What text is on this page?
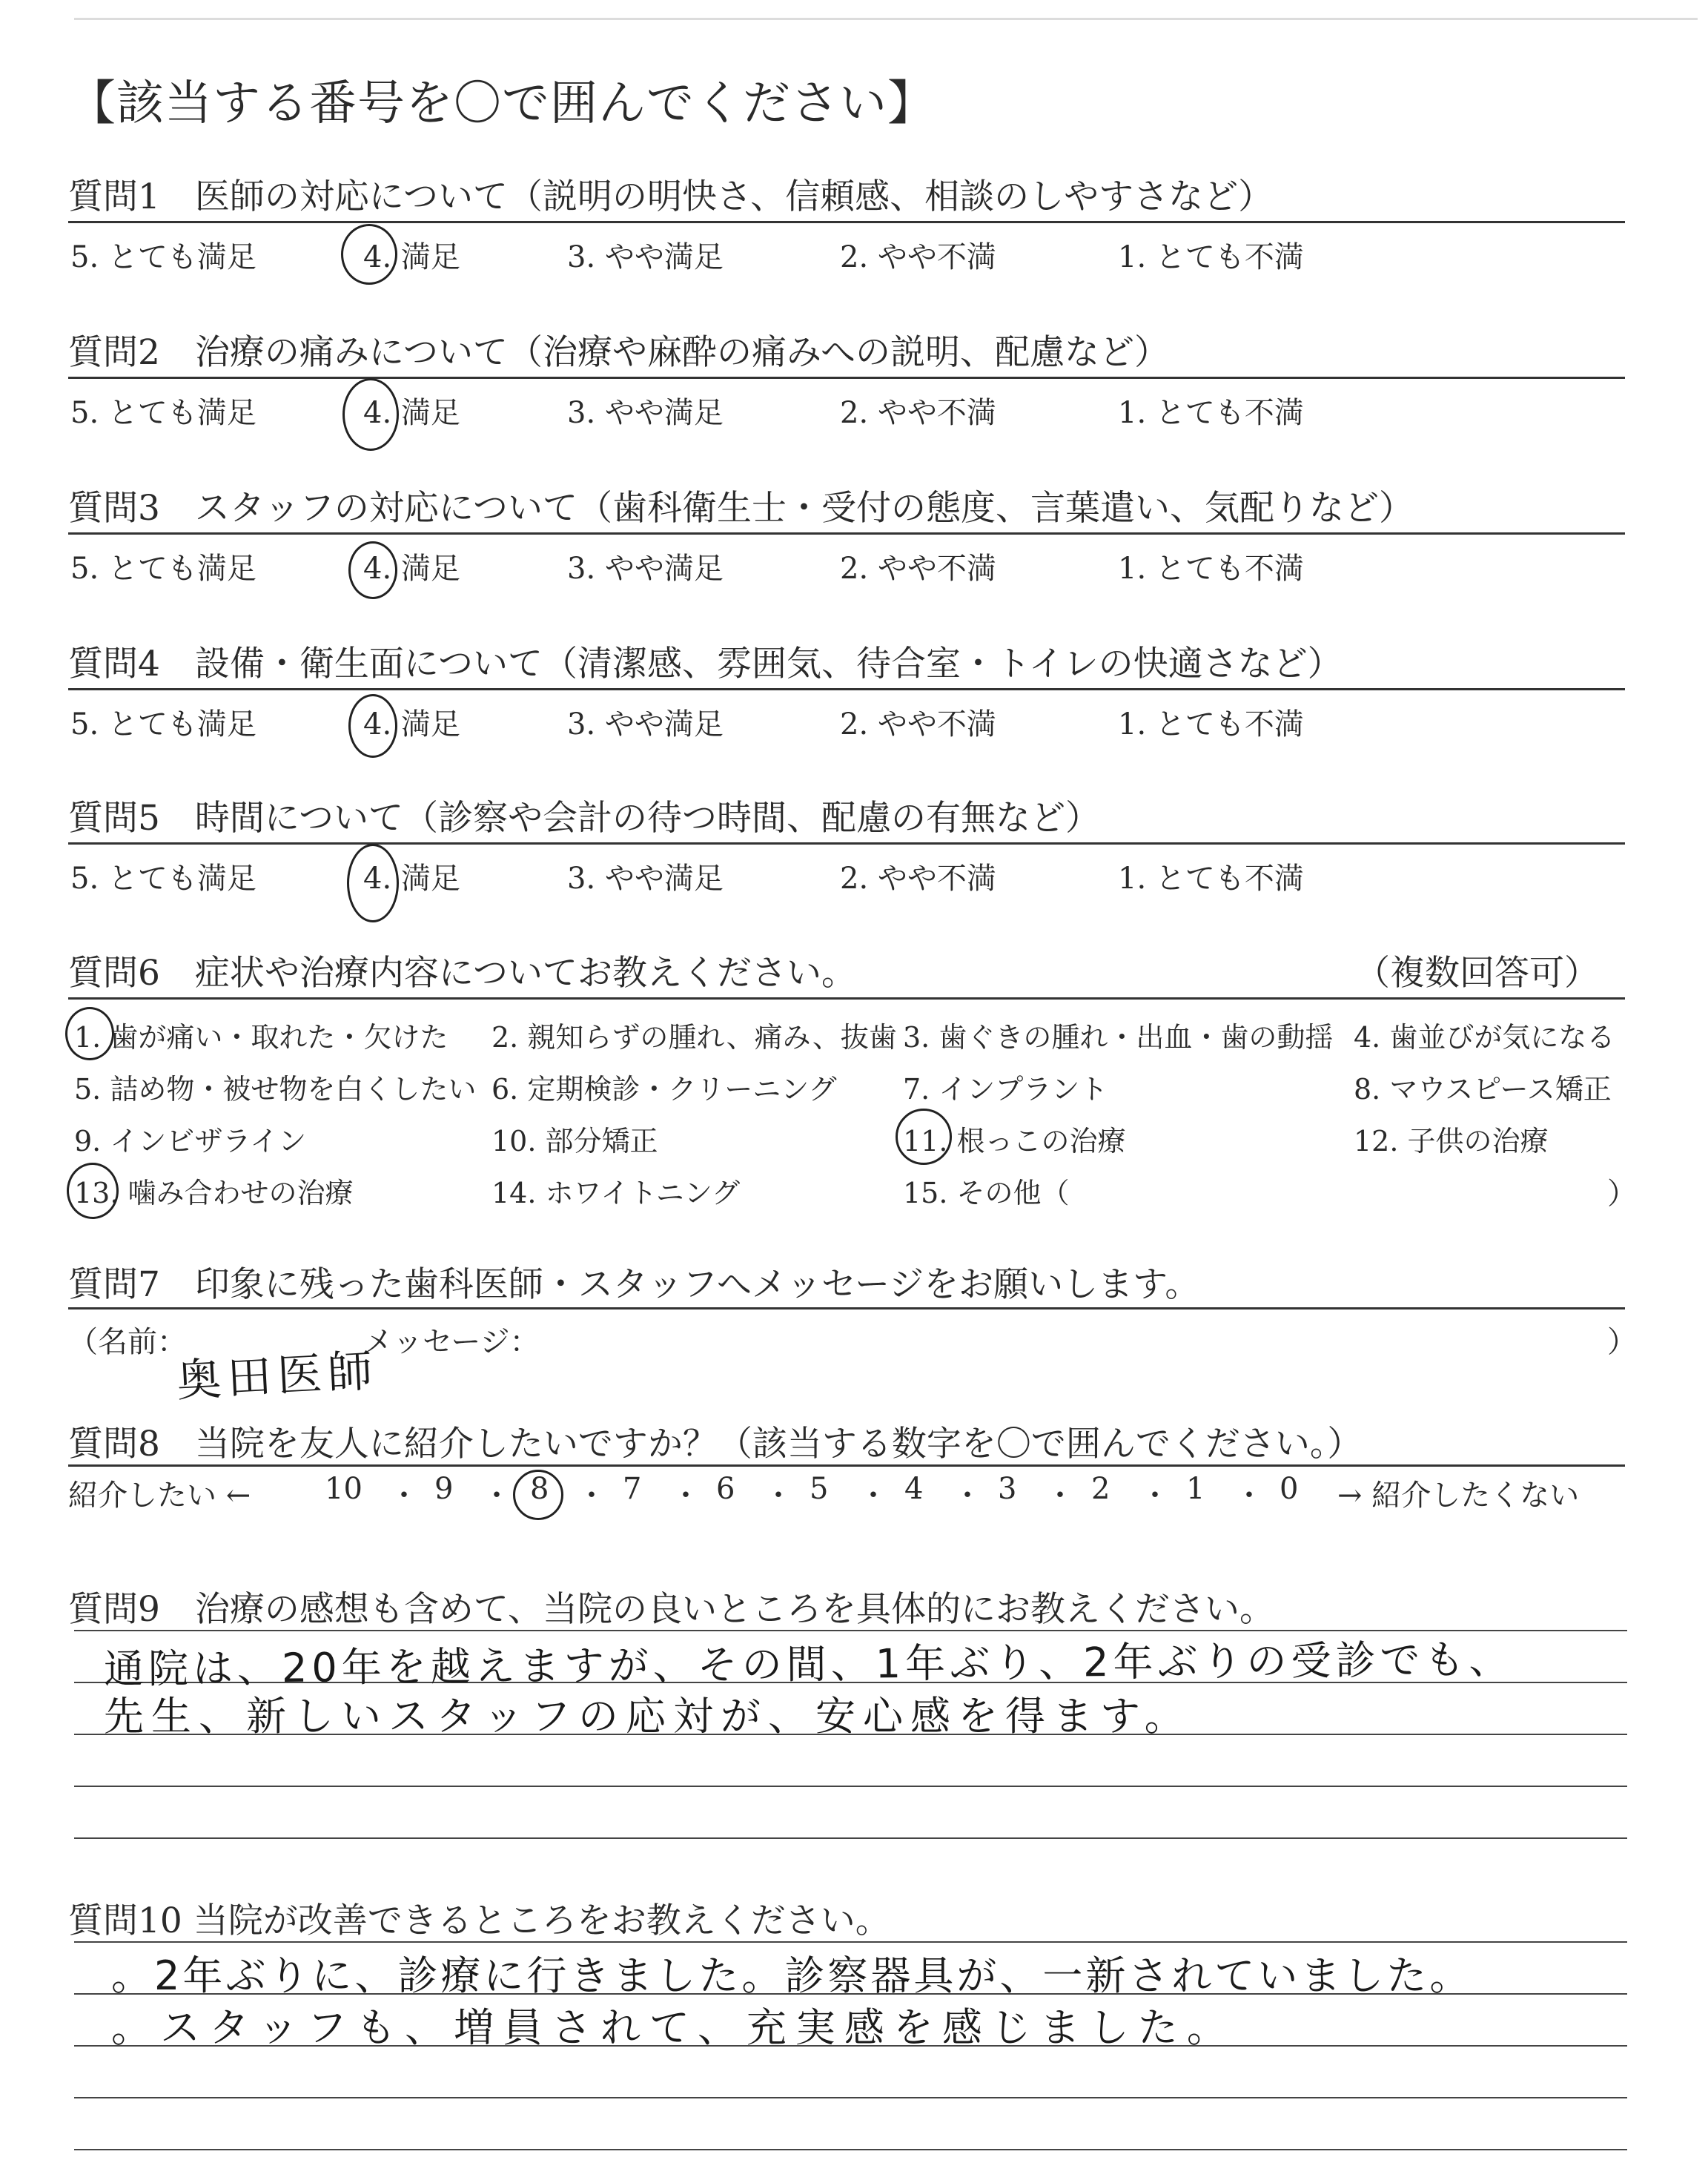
【該当する番号を〇で囲んでください】
質問1　医師の対応について（説明の明快さ、信頼感、相談のしやすさなど）
質問2　治療の痛みについて（治療や麻酔の痛みへの説明、配慮など）
質問3　スタッフの対応について（歯科衛生士・受付の態度、言葉遣い、気配りなど）
質問4　設備・衛生面について（清潔感、雰囲気、待合室・トイレの快適さなど）
質問5　時間について（診察や会計の待つ時間、配慮の有無など）
5. とても満足	4. 満足	3. やや満足	2. やや不満	1. とても不満
5. とても満足	4. 満足	3. やや満足	2. やや不満	1. とても不満
5. とても満足	4. 満足	3. やや満足	2. やや不満	1. とても不満
5. とても満足	4. 満足	3. やや満足	2. やや不満	1. とても不満
5. とても満足	4. 満足	3. やや満足	2. やや不満	1. とても不満
質問6　症状や治療内容についてお教えください。	（複数回答可）
1. 歯が痛い・取れた・欠けた 2. 親知らずの腫れ、痛み、抜歯 3. 歯ぐきの腫れ・出血・歯の動揺 4. 歯並びが気になる
5. 詰め物・被せ物を白くしたい 6. 定期検診・クリーニング 7. インプラント	8. マウスピース矯正
9. インビザライン	10. 部分矯正	11. 根っこの治療	12. 子供の治療
13. 噛み合わせの治療	14. ホワイトニング	15. その他（	）
質問7　印象に残った歯科医師・スタッフへメッセージをお願いします。
（名前：	メッセージ：	）
奥田医師
質問8　当院を友人に紹介したいですか？（該当する数字を〇で囲んでください。）
紹介したい ← 10 ・ 9 ・ 8 ・ 7 ・ 6 ・ 5 ・ 4 ・ 3 ・ 2 ・ 1 ・ 0 → 紹介したくない
質問9　治療の感想も含めて、当院の良いところを具体的にお教えください。
通院は、20年を越えますが、その間、1年ぶり、2年ぶりの受診でも、
先生、新しいスタッフの応対が、安心感を得ます。
質問10 当院が改善できるところをお教えください。
。2年ぶりに、診療に行きました。診察器具が、一新されていました。
。スタッフも、増員されて、充実感を感じました。
